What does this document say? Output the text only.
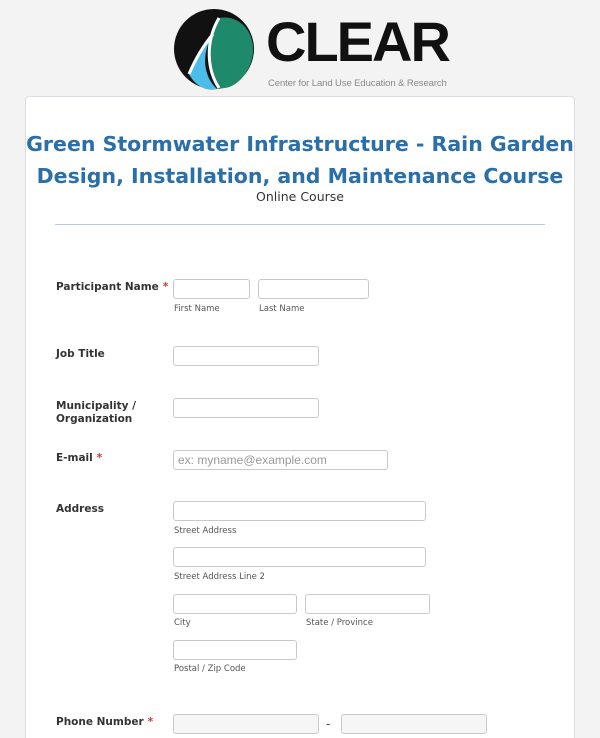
CLEAR
Center for Land Use Education & Research
Green Stormwater Infrastructure - Rain Garden
Design, Installation, and Maintenance Course
Online Course
Participant Name *
First Name	Last Name
Job Title
Municipality /
Organization
E-mail *
ex: myname@example.com
Address
Street Address
Street Address Line 2
City	State / Province
Postal / Zip Code
Phone Number *	-
